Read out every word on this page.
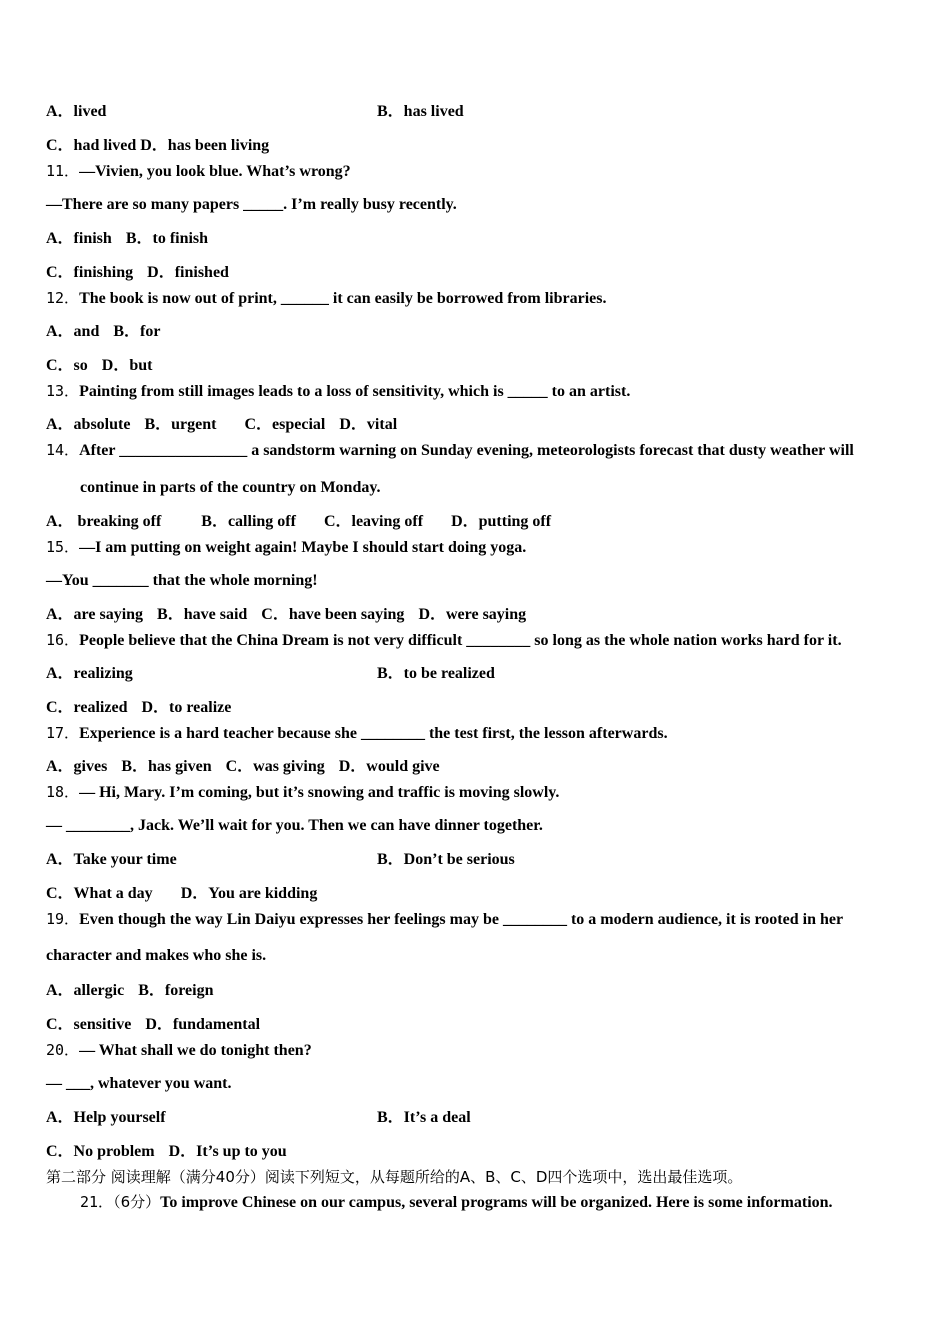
A．lived	B．has lived
C．had lived D．has been living
11．—Vivien, you look blue. What’s wrong?
—There are so many papers _____. I’m really busy recently.
A．finish B．to finish
C．finishing D．finished
12．The book is now out of print, ______ it can easily be borrowed from libraries.
A．and B．for
C．so D．but
13．Painting from still images leads to a loss of sensitivity, which is _____ to an artist.
A．absolute B．urgent C．especial D．vital
14．After ________________ a sandstorm warning on Sunday evening, meteorologists forecast that dusty weather will
continue in parts of the country on Monday.
A． breaking off	B．calling off C．leaving off D．putting off
15．—I am putting on weight again! Maybe I should start doing yoga.
—You _______ that the whole morning!
A．are saying B．have said C．have been saying D．were saying
16．People believe that the China Dream is not very difficult ________ so long as the whole nation works hard for it.
A．realizing	B．to be realized
C．realized D．to realize
17．Experience is a hard teacher because she ________ the test first, the lesson afterwards.
A．gives B．has given C．was giving D．would give
18．— Hi, Mary. I’m coming, but it’s snowing and traffic is moving slowly.
— ________, Jack. We’ll wait for you. Then we can have dinner together.
A．Take your time	B．Don’t be serious
C．What a day D．You are kidding
19．Even though the way Lin Daiyu expresses her feelings may be ________ to a modern audience, it is rooted in her
character and makes who she is.
A．allergic B．foreign
C．sensitive D．fundamental
20．— What shall we do tonight then?
— ___, whatever you want.
A．Help yourself	B．It’s a deal
C．No problem D．It’s up to you
第二部分 阅读理解（满分40分）阅读下列短文，从每题所给的A、B、C、D四个选项中，选出最佳选项。
21．（6分）To improve Chinese on our campus, several programs will be organized. Here is some information.
